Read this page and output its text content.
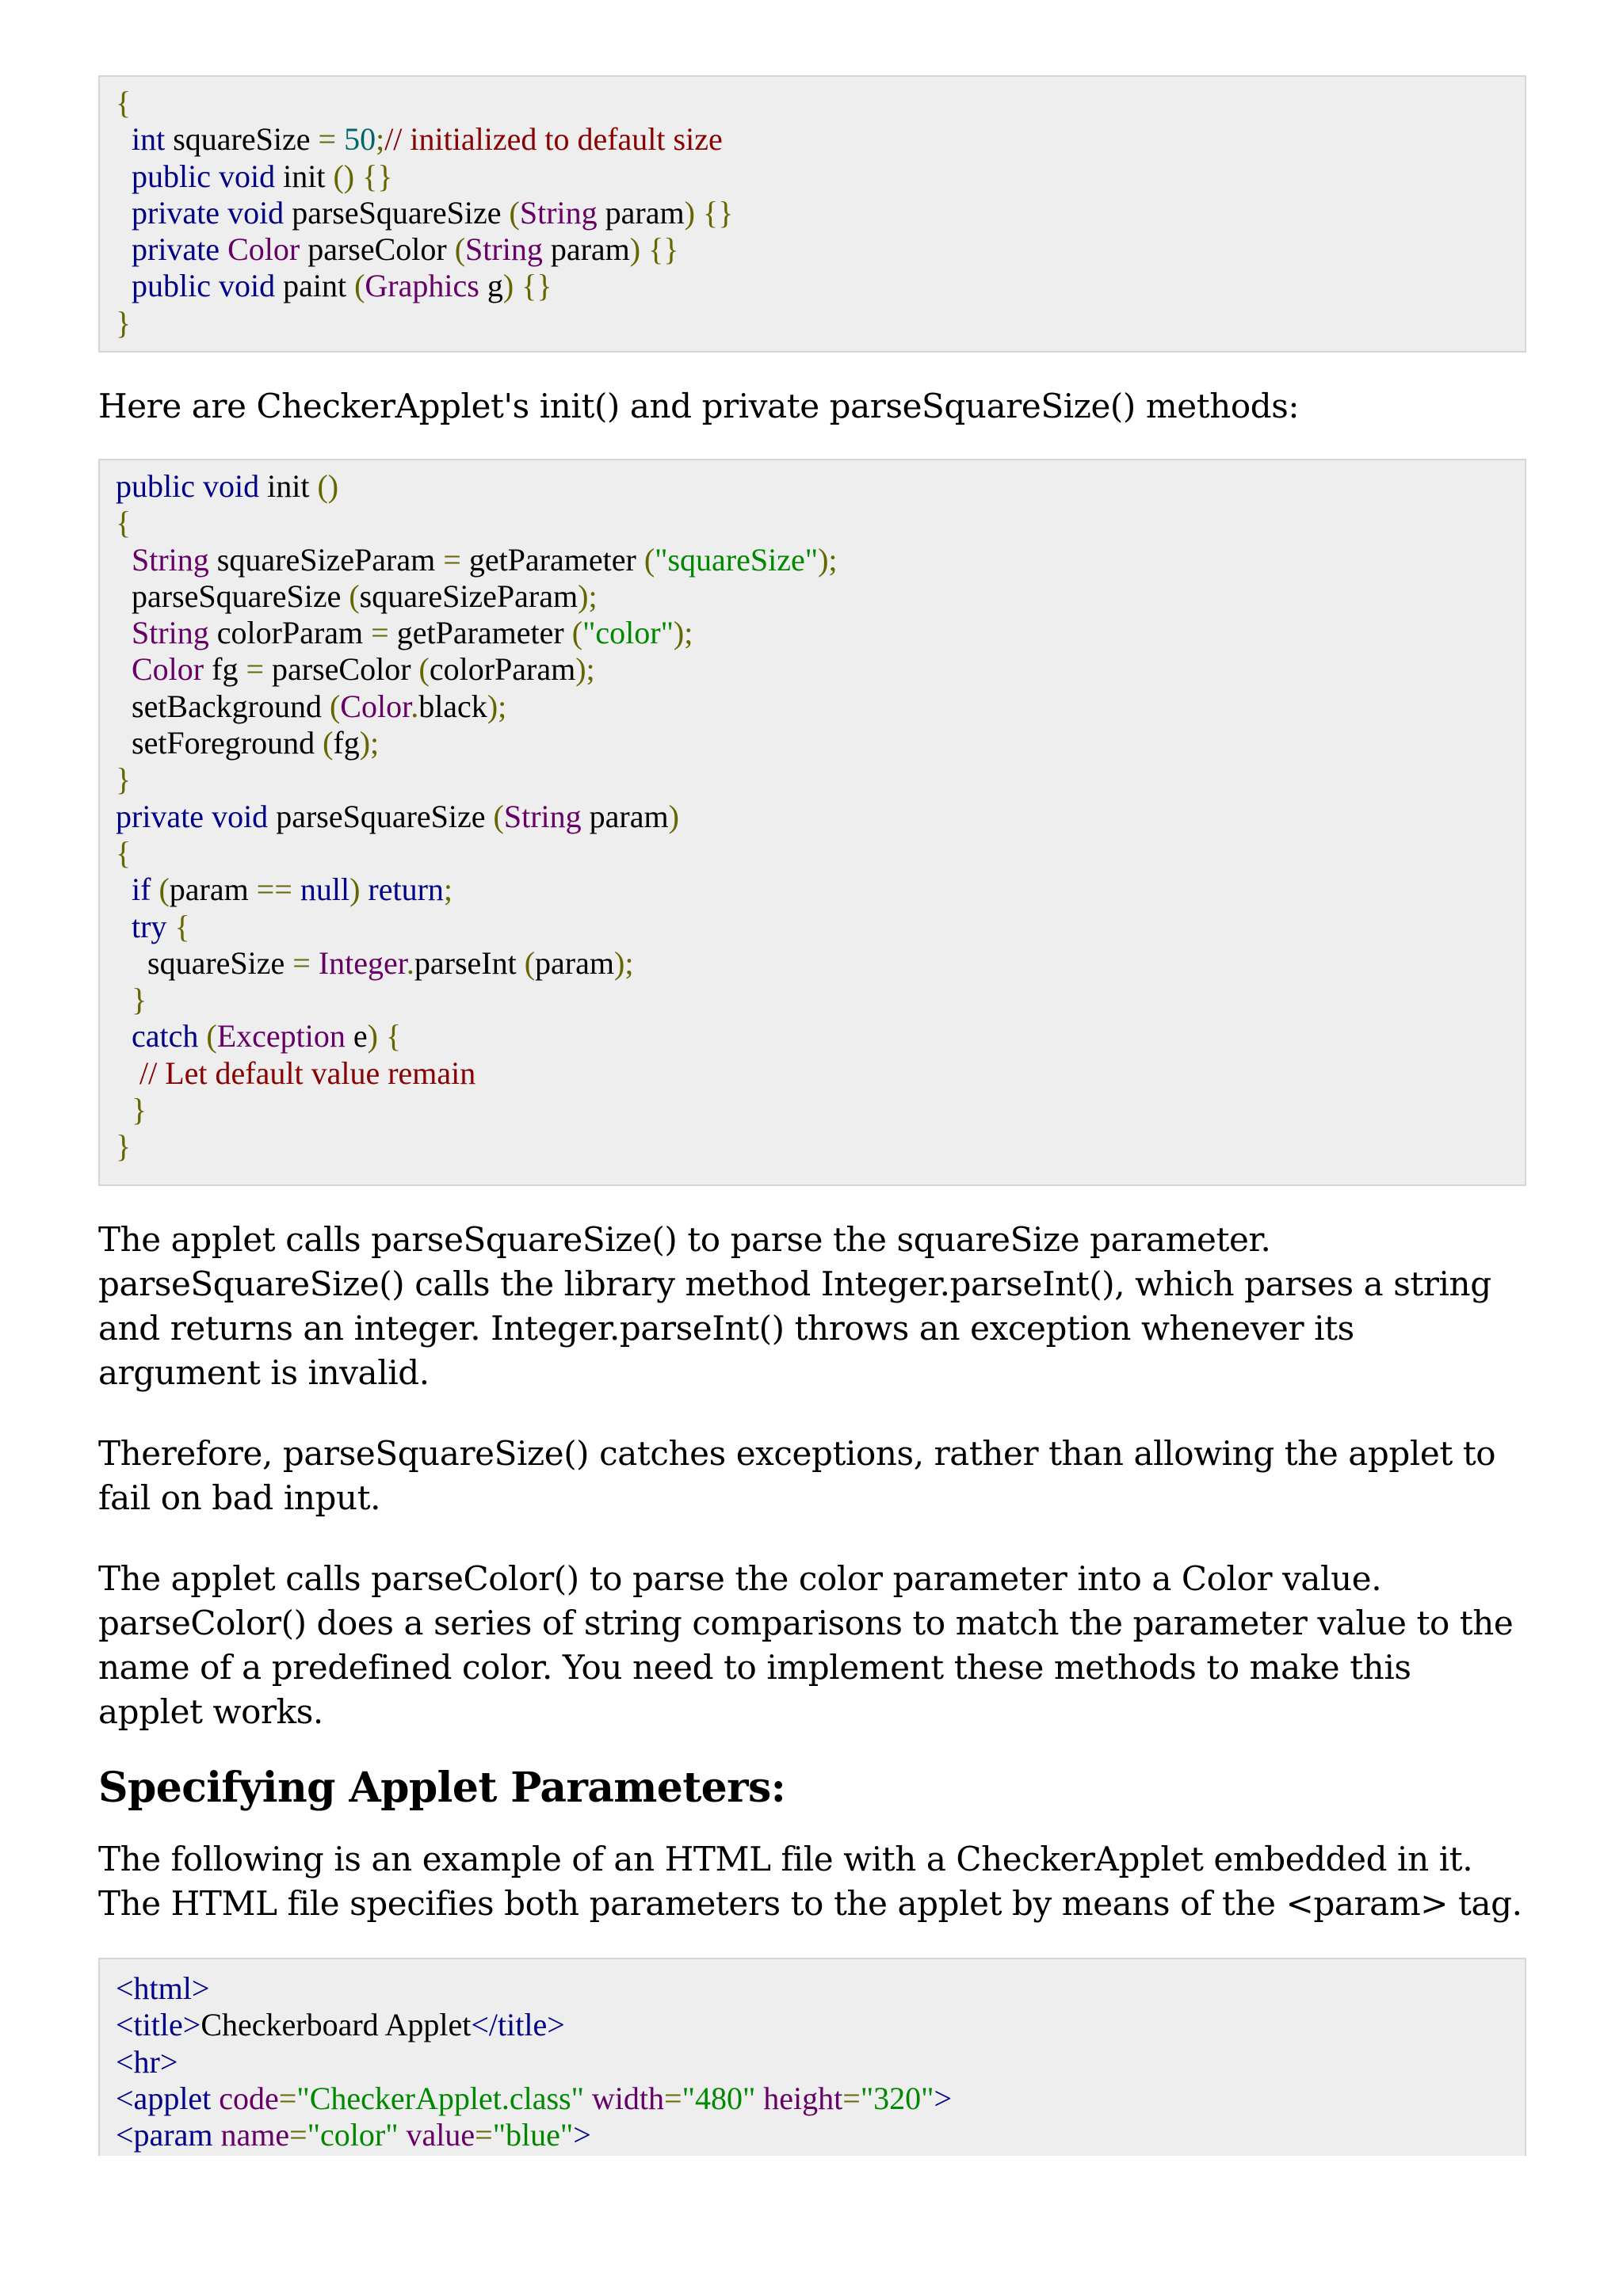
{
int squareSize = 50;// initialized to default size
public void init () {}
private void parseSquareSize (String param) {}
private Color parseColor (String param) {}
public void paint (Graphics g) {}
}

Here are CheckerApplet's init() and private parseSquareSize() methods:

public void init ()
{
String squareSizeParam = getParameter ("squareSize");
parseSquareSize (squareSizeParam);
String colorParam = getParameter ("color");
Color fg = parseColor (colorParam);
setBackground (Color.black);
setForeground (fg);
}
private void parseSquareSize (String param)
{
if (param == null) return;
try {
squareSize = Integer.parseInt (param);
}
catch (Exception e) {
// Let default value remain
}
}

The applet calls parseSquareSize() to parse the squareSize parameter. parseSquareSize() calls the library method Integer.parseInt(), which parses a string and returns an integer. Integer.parseInt() throws an exception whenever its argument is invalid.

Therefore, parseSquareSize() catches exceptions, rather than allowing the applet to fail on bad input.

The applet calls parseColor() to parse the color parameter into a Color value. parseColor() does a series of string comparisons to match the parameter value to the name of a predefined color. You need to implement these methods to make this applet works.

Specifying Applet Parameters:

The following is an example of an HTML file with a CheckerApplet embedded in it. The HTML file specifies both parameters to the applet by means of the <param> tag.

<html>
<title>Checkerboard Applet</title>
<hr>
<applet code="CheckerApplet.class" width="480" height="320">
<param name="color" value="blue">
